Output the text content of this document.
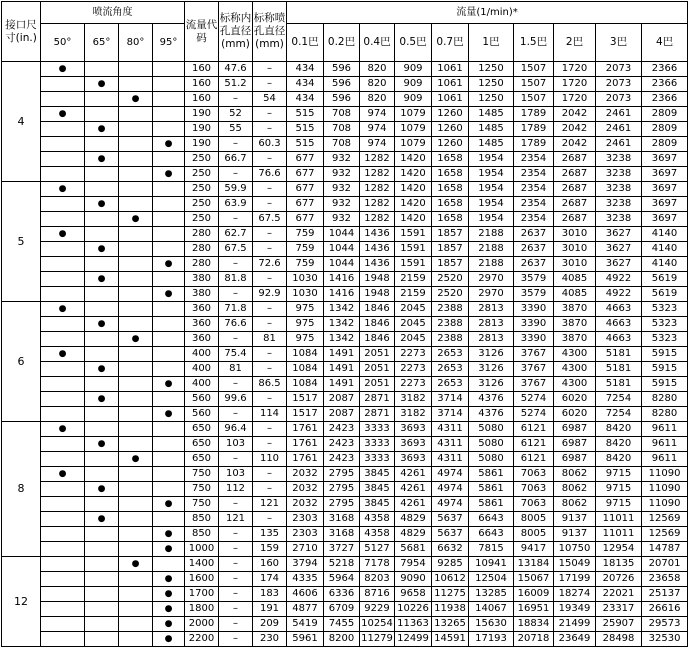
接口尺寸(in.)	喷流角度				流量代码	标称内孔直径(mm)	标称喷孔直径(mm)	流量(1/min)*									
	50°	65°	80°	95°				0.1巴	0.2巴	0.4巴	0.5巴	0.7巴	1巴	1.5巴	2巴	3巴	4巴
4	●				160	47.6	–	434	596	820	909	1061	1250	1507	1720	2073	2366
		●			160	51.2	–	434	596	820	909	1061	1250	1507	1720	2073	2366
			●		160	–	54	434	596	820	909	1061	1250	1507	1720	2073	2366
	●				190	52	–	515	708	974	1079	1260	1485	1789	2042	2461	2809
		●			190	55	–	515	708	974	1079	1260	1485	1789	2042	2461	2809
				●	190	–	60.3	515	708	974	1079	1260	1485	1789	2042	2461	2809
		●			250	66.7	–	677	932	1282	1420	1658	1954	2354	2687	3238	3697
				●	250	–	76.6	677	932	1282	1420	1658	1954	2354	2687	3238	3697
5	●				250	59.9	–	677	932	1282	1420	1658	1954	2354	2687	3238	3697
		●			250	63.9	–	677	932	1282	1420	1658	1954	2354	2687	3238	3697
			●		250	–	67.5	677	932	1282	1420	1658	1954	2354	2687	3238	3697
	●				280	62.7	–	759	1044	1436	1591	1857	2188	2637	3010	3627	4140
		●			280	67.5	–	759	1044	1436	1591	1857	2188	2637	3010	3627	4140
				●	280	–	72.6	759	1044	1436	1591	1857	2188	2637	3010	3627	4140
		●			380	81.8	–	1030	1416	1948	2159	2520	2970	3579	4085	4922	5619
				●	380	–	92.9	1030	1416	1948	2159	2520	2970	3579	4085	4922	5619
6	●				360	71.8	–	975	1342	1846	2045	2388	2813	3390	3870	4663	5323
		●			360	76.6	–	975	1342	1846	2045	2388	2813	3390	3870	4663	5323
			●		360	–	81	975	1342	1846	2045	2388	2813	3390	3870	4663	5323
	●				400	75.4	–	1084	1491	2051	2273	2653	3126	3767	4300	5181	5915
		●			400	81	–	1084	1491	2051	2273	2653	3126	3767	4300	5181	5915
				●	400	–	86.5	1084	1491	2051	2273	2653	3126	3767	4300	5181	5915
		●			560	99.6	–	1517	2087	2871	3182	3714	4376	5274	6020	7254	8280
				●	560	–	114	1517	2087	2871	3182	3714	4376	5274	6020	7254	8280
8	●				650	96.4	–	1761	2423	3333	3693	4311	5080	6121	6987	8420	9611
		●			650	103	–	1761	2423	3333	3693	4311	5080	6121	6987	8420	9611
			●		650	–	110	1761	2423	3333	3693	4311	5080	6121	6987	8420	9611
	●				750	103	–	2032	2795	3845	4261	4974	5861	7063	8062	9715	11090
		●			750	112	–	2032	2795	3845	4261	4974	5861	7063	8062	9715	11090
				●	750	–	121	2032	2795	3845	4261	4974	5861	7063	8062	9715	11090
		●			850	121	–	2303	3168	4358	4829	5637	6643	8005	9137	11011	12569
				●	850	–	135	2303	3168	4358	4829	5637	6643	8005	9137	11011	12569
				●	1000	–	159	2710	3727	5127	5681	6632	7815	9417	10750	12954	14787
12			●		1400	–	160	3794	5218	7178	7954	9285	10941	13184	15049	18135	20701
				●	1600	–	174	4335	5964	8203	9090	10612	12504	15067	17199	20726	23658
				●	1700	–	183	4606	6336	8716	9658	11275	13285	16009	18274	22021	25137
				●	1800	–	191	4877	6709	9229	10226	11938	14067	16951	19349	23317	26616
				●	2000	–	209	5419	7455	10254	11363	13265	15630	18834	21499	25907	29573
				●	2200	–	230	5961	8200	11279	12499	14591	17193	20718	23649	28498	32530
